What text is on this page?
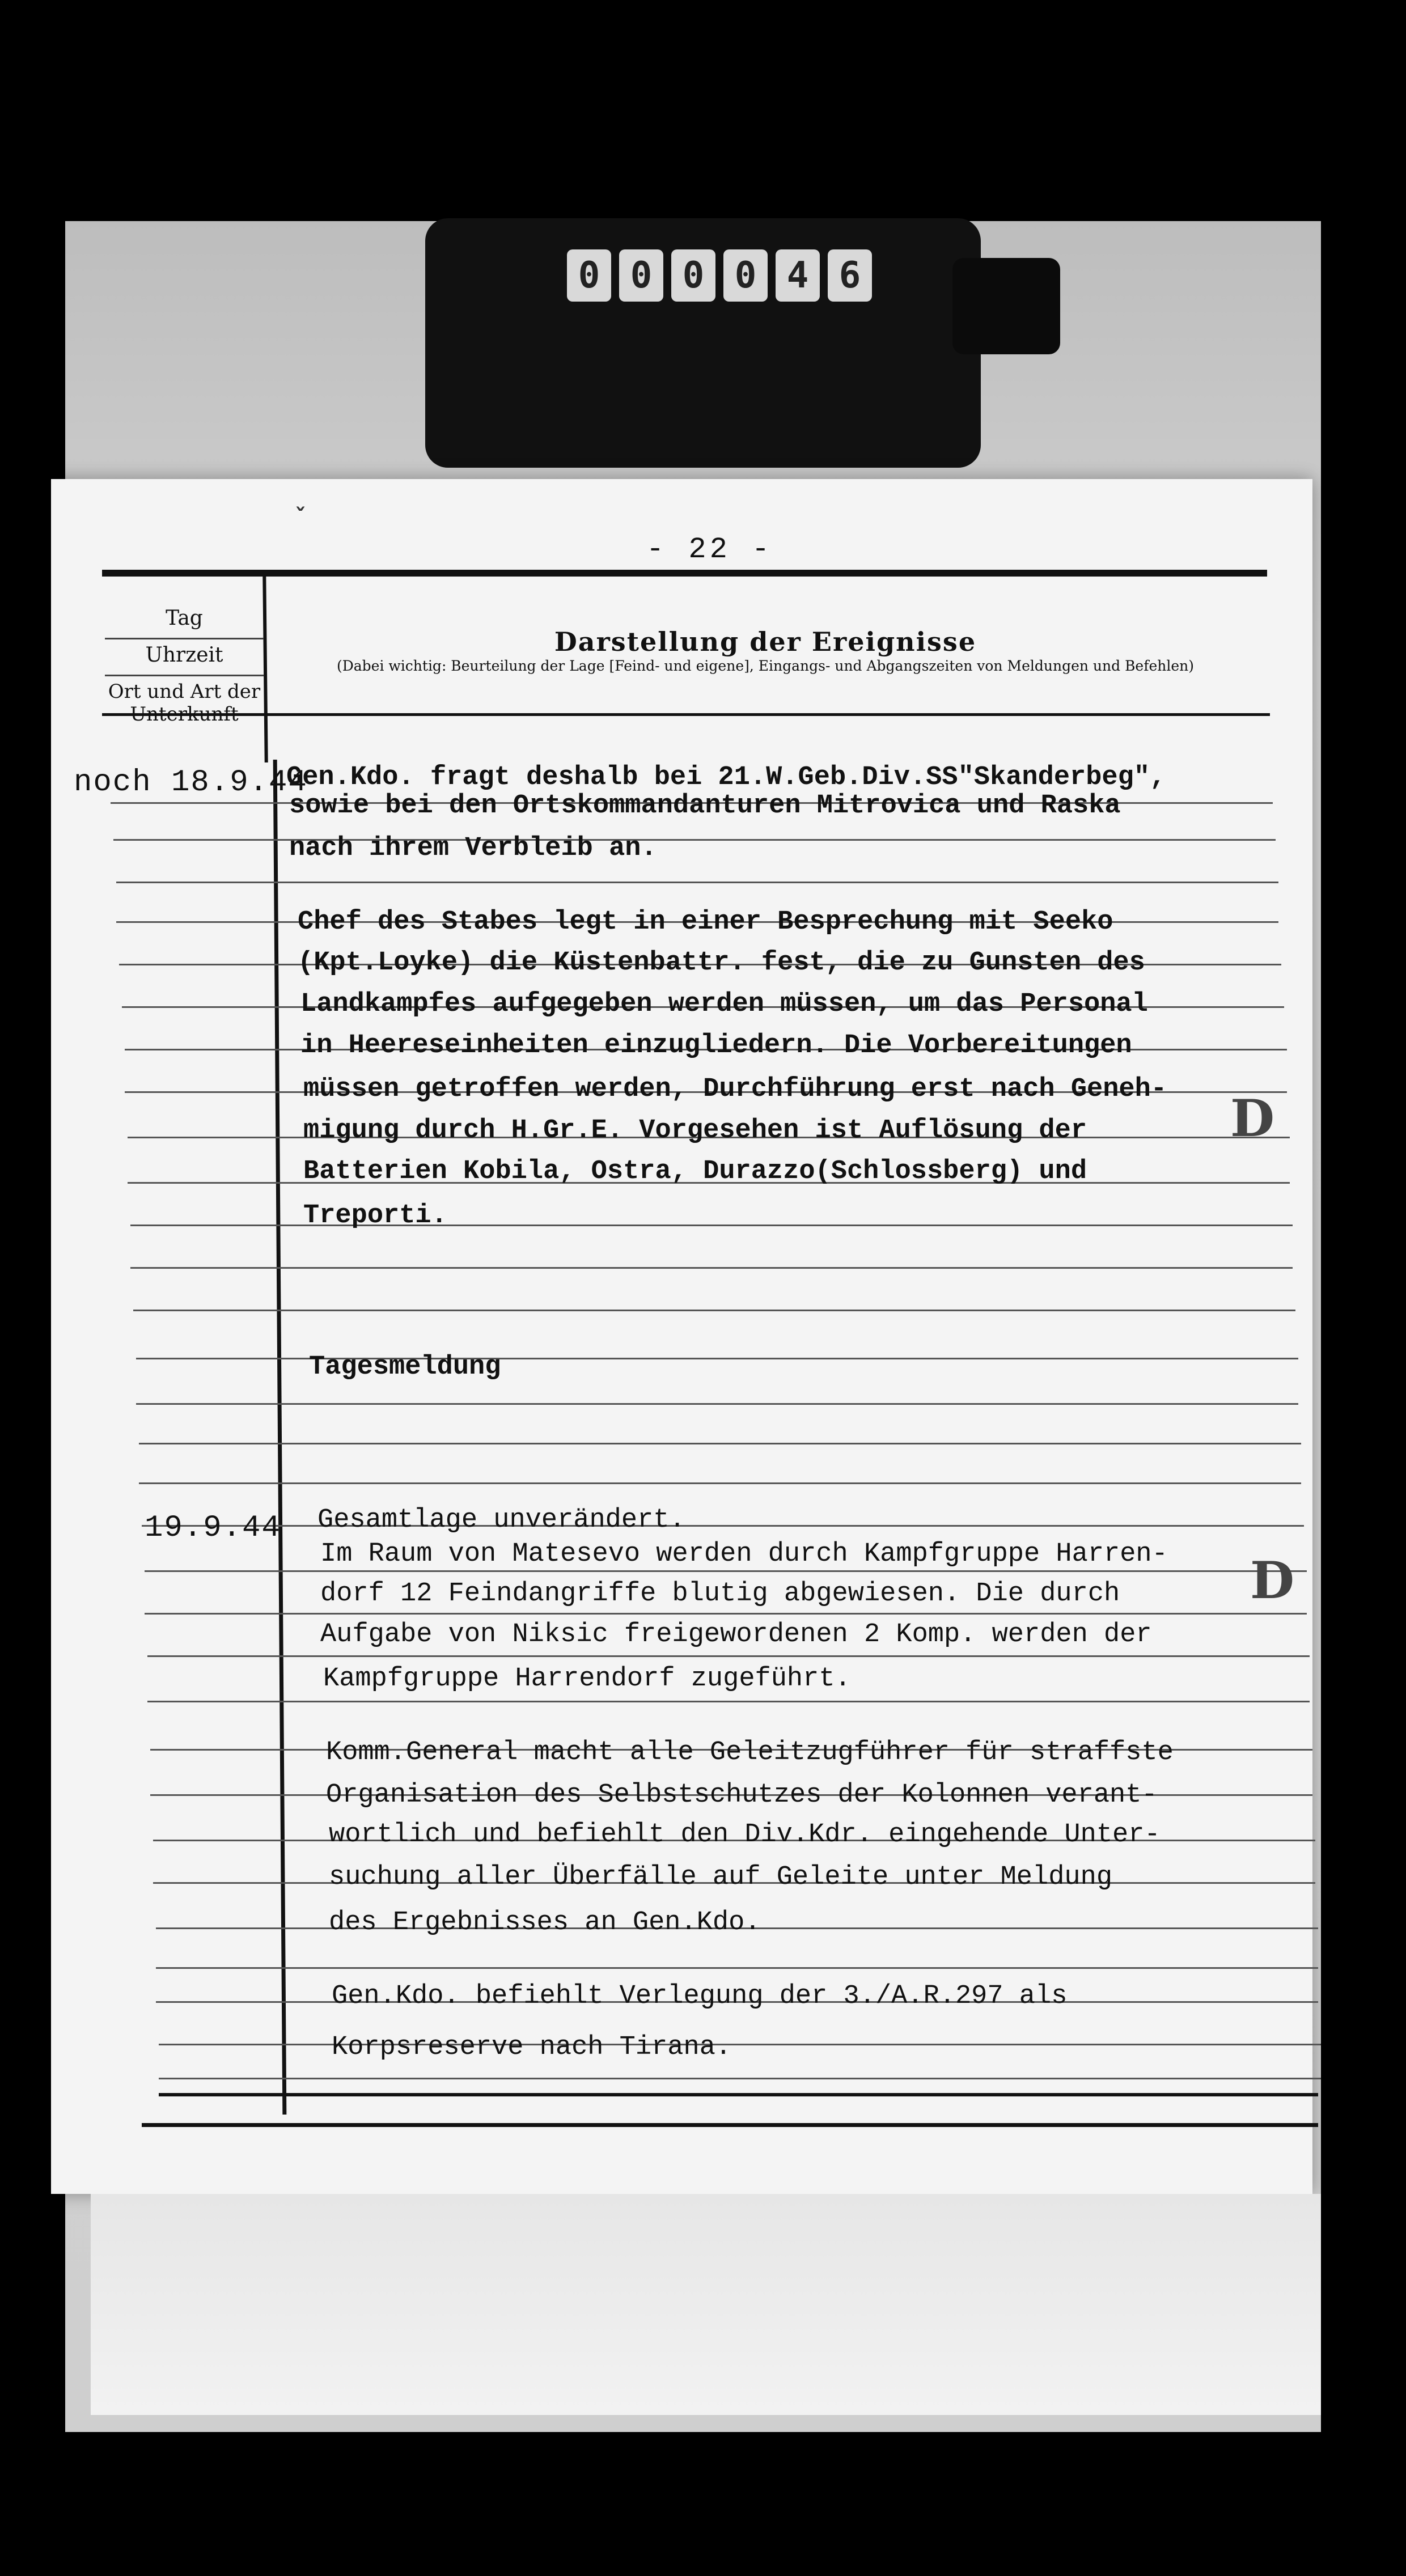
0 0 0 0 4 6
ˇ
- 22 -
Tag
Uhrzeit
Ort und Art der
Unterkunft
Darstellung der Ereignisse
(Dabei wichtig: Beurteilung der Lage [Feind- und eigene], Eingangs- und Abgangszeiten von Meldungen und Befehlen)
noch 18.9.44
19.9.44
Gen.Kdo. fragt deshalb bei 21.W.Geb.Div.SS"Skanderbeg",
sowie bei den Ortskommandanturen Mitrovica und Raska
nach ihrem Verbleib an.
Chef des Stabes legt in einer Besprechung mit Seeko
(Kpt.Loyke) die Küstenbattr. fest, die zu Gunsten des
Landkampfes aufgegeben werden müssen, um das Personal
in Heereseinheiten einzugliedern. Die Vorbereitungen
müssen getroffen werden, Durchführung erst nach Geneh-
migung durch H.Gr.E. Vorgesehen ist Auflösung der
Batterien Kobila, Ostra, Durazzo(Schlossberg) und
Treporti.
Tagesmeldung
Gesamtlage unverändert.
Im Raum von Matesevo werden durch Kampfgruppe Harren-
dorf 12 Feindangriffe blutig abgewiesen. Die durch
Aufgabe von Niksic freigewordenen 2 Komp. werden der
Kampfgruppe Harrendorf zugeführt.
Komm.General macht alle Geleitzugführer für straffste
Organisation des Selbstschutzes der Kolonnen verant-
wortlich und befiehlt den Div.Kdr. eingehende Unter-
suchung aller Überfälle auf Geleite unter Meldung
des Ergebnisses an Gen.Kdo.
Gen.Kdo. befiehlt Verlegung der 3./A.R.297 als
Korpsreserve nach Tirana.
D
D
